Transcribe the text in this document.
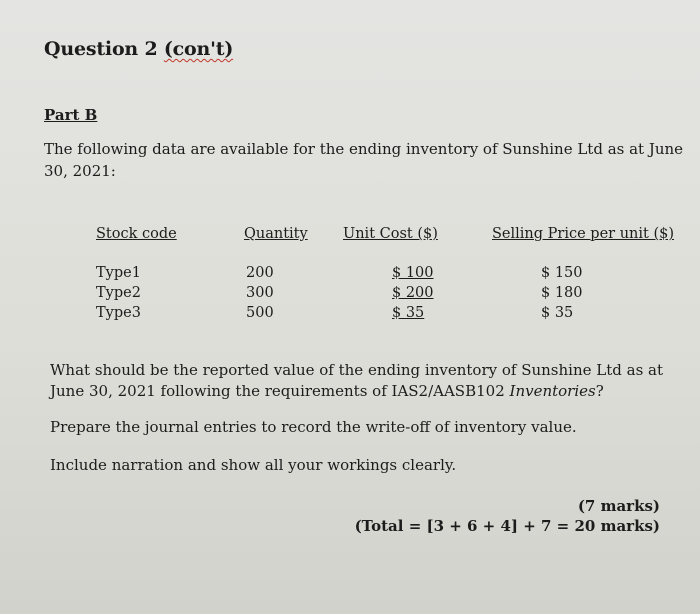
Question 2 (con't)
Part B
The following data are available for the ending inventory of Sunshine Ltd as at June 30, 2021:
Stock code	Quantity Unit Cost ($)	Selling Price per unit ($)
Type1
Type2
Type3
200
300
500
$ 100
$ 200
$ 35
$ 150
$ 180
$ 35
What should be the reported value of the ending inventory of Sunshine Ltd as at June 30, 2021 following the requirements of IAS2/AASB102 Inventories?
Prepare the journal entries to record the write-off of inventory value.
Include narration and show all your workings clearly.
(7 marks)
(Total = [3 + 6 + 4] + 7 = 20 marks)
